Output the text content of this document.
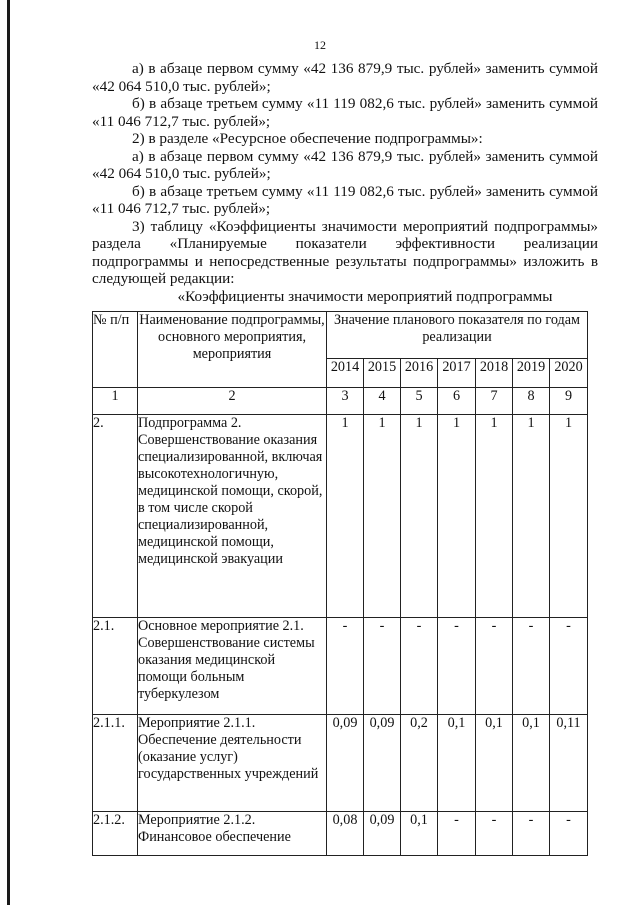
12

а) в абзаце первом сумму «42 136 879,9 тыс. рублей» заменить суммой «42 064 510,0 тыс. рублей»;

б) в абзаце третьем сумму «11 119 082,6 тыс. рублей» заменить суммой «11 046 712,7 тыс. рублей»;

2) в разделе «Ресурсное обеспечение подпрограммы»:

а) в абзаце первом сумму «42 136 879,9 тыс. рублей» заменить суммой «42 064 510,0 тыс. рублей»;

б) в абзаце третьем сумму «11 119 082,6 тыс. рублей» заменить суммой «11 046 712,7 тыс. рублей»;

3) таблицу «Коэффициенты значимости мероприятий подпрограммы» раздела «Планируемые показатели эффективности реализации подпрограммы и непосредственные результаты подпрограммы» изложить в следующей редакции:

«Коэффициенты значимости мероприятий подпрограммы
№ п/п	Наименование подпрограммы, основного мероприятия, мероприятия	Значение планового показателя по годам реализации						
		2014	2015	2016	2017	2018	2019	2020
1	2	3	4	5	6	7	8	9
2.	Подпрограмма 2. Совершенствование оказания специализированной, включая высокотехнологичную, медицинской помощи, скорой, в том числе скорой специализированной, медицинской помощи, медицинской эвакуации	1	1	1	1	1	1	1
2.1.	Основное мероприятие 2.1. Совершенствование системы оказания медицинской помощи больным туберкулезом	-	-	-	-	-	-	-
2.1.1.	Мероприятие 2.1.1. Обеспечение деятельности (оказание услуг) государственных учреждений	0,09	0,09	0,2	0,1	0,1	0,1	0,11
2.1.2.	Мероприятие 2.1.2. Финансовое обеспечение	0,08	0,09	0,1	-	-	-	-
